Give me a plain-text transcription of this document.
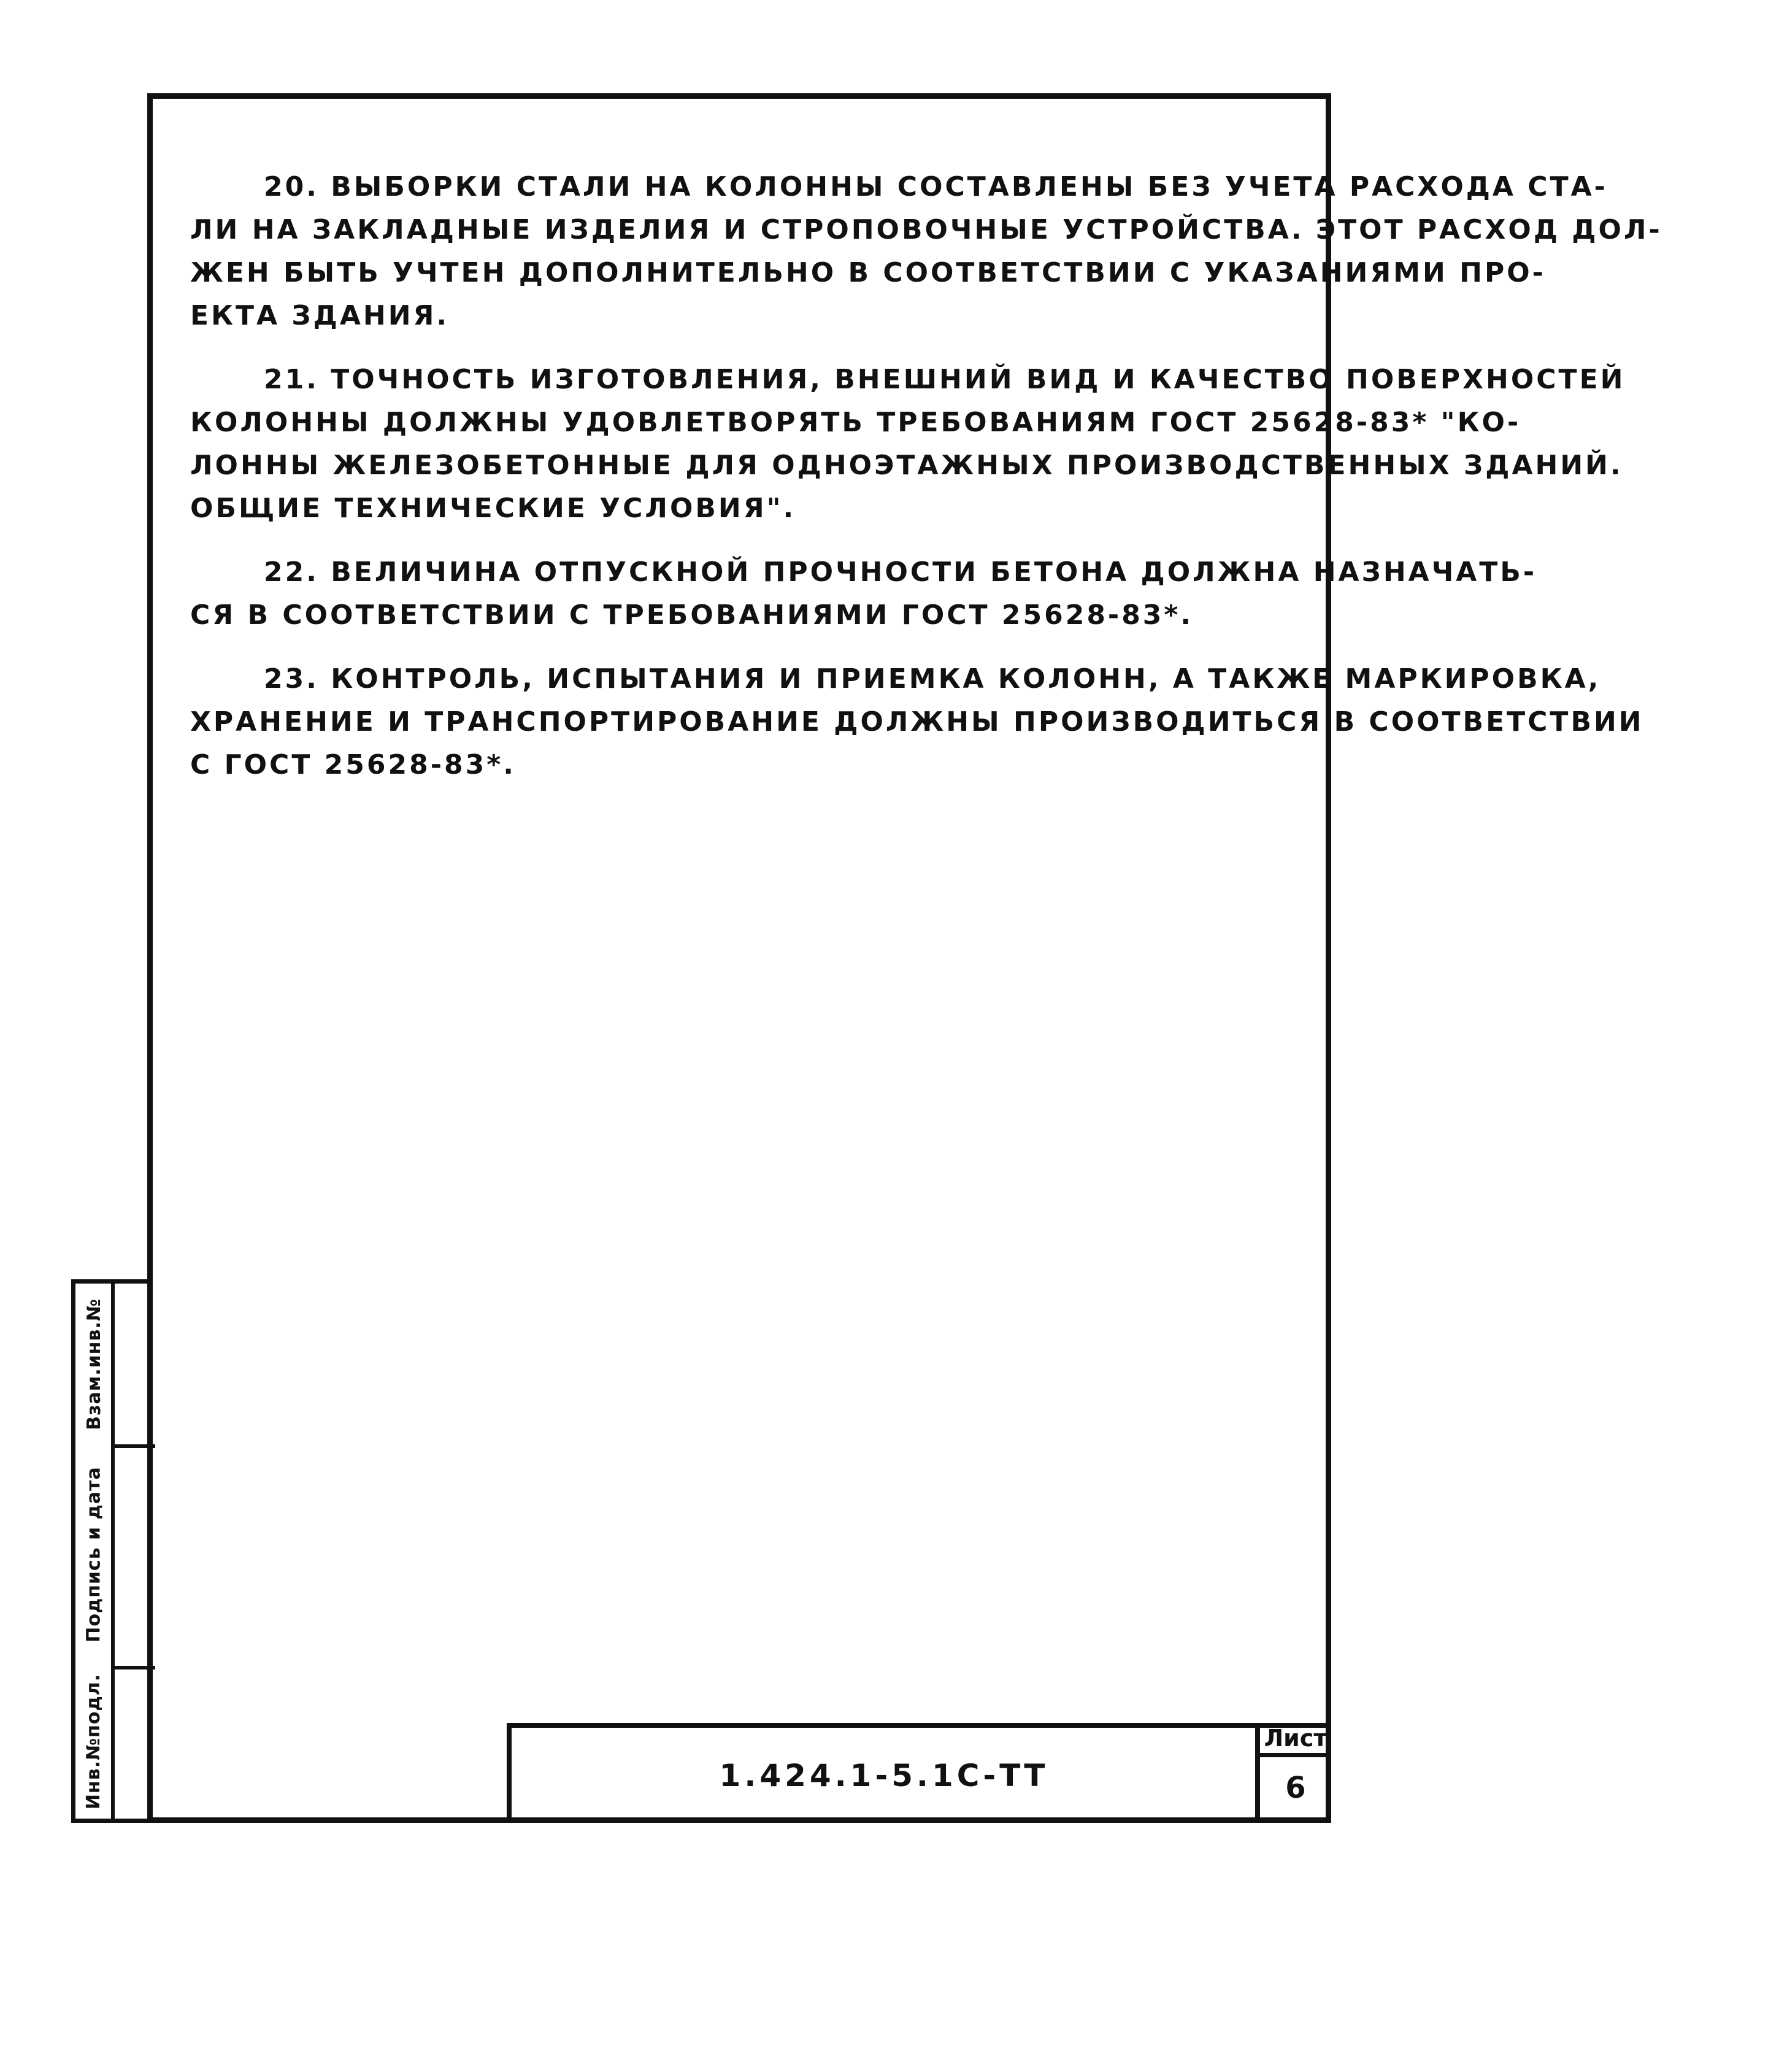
20. ВЫБОРКИ СТАЛИ НА КОЛОННЫ СОСТАВЛЕНЫ БЕЗ УЧЕТА РАСХОДА СТА-
ЛИ НА ЗАКЛАДНЫЕ ИЗДЕЛИЯ И СТРОПОВОЧНЫЕ УСТРОЙСТВА. ЭТОТ РАСХОД ДОЛ-
ЖЕН БЫТЬ УЧТЕН ДОПОЛНИТЕЛЬНО В СООТВЕТСТВИИ С УКАЗАНИЯМИ ПРО-
ЕКТА ЗДАНИЯ.

21. ТОЧНОСТЬ ИЗГОТОВЛЕНИЯ, ВНЕШНИЙ ВИД И КАЧЕСТВО ПОВЕРХНОСТЕЙ
КОЛОННЫ ДОЛЖНЫ УДОВЛЕТВОРЯТЬ ТРЕБОВАНИЯМ ГОСТ 25628-83* "КО-
ЛОННЫ ЖЕЛЕЗОБЕТОННЫЕ ДЛЯ ОДНОЭТАЖНЫХ ПРОИЗВОДСТВЕННЫХ ЗДАНИЙ.
ОБЩИЕ ТЕХНИЧЕСКИЕ УСЛОВИЯ".

22. ВЕЛИЧИНА ОТПУСКНОЙ ПРОЧНОСТИ БЕТОНА ДОЛЖНА НАЗНАЧАТЬ-
СЯ В СООТВЕТСТВИИ С ТРЕБОВАНИЯМИ ГОСТ 25628-83*.

23. КОНТРОЛЬ, ИСПЫТАНИЯ И ПРИЕМКА КОЛОНН, А ТАКЖЕ МАРКИРОВКА,
ХРАНЕНИЕ И ТРАНСПОРТИРОВАНИЕ ДОЛЖНЫ ПРОИЗВОДИТЬСЯ В СООТВЕТСТВИИ
С ГОСТ 25628-83*.

Инв.№подл.
Подпись и дата
Взам.инв.№
1.424.1-5.1С-ТТ
Лист
6
